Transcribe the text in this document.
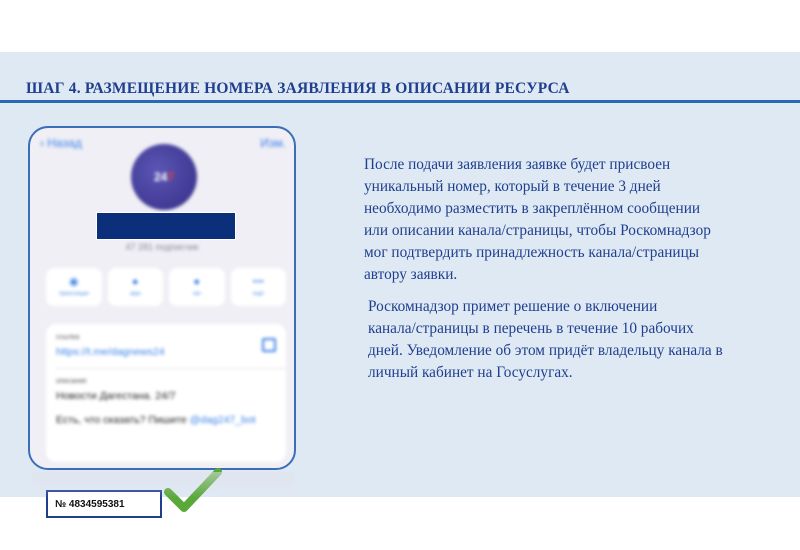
ШАГ 4. РАЗМЕЩЕНИЕ НОМЕРА ЗАЯВЛЕНИЯ В ОПИСАНИИ РЕСУРСА
‹ Назад	Изм.
24 7
47 281 подписчик
◉
трансляция
●
звук
●
чат
•••
ещё
ссылка
https://t.me/dagnews24
описание
Новости Дагестана. 24/7
Есть, что сказать? Пишите @dag247_bot
№ 4834595381
После подачи заявления заявке будет присвоен
уникальный номер, который в течение 3 дней
необходимо разместить в закреплённом сообщении
или описании канала/страницы, чтобы Роскомнадзор
мог подтвердить принадлежность канала/страницы
автору заявки.
Роскомнадзор примет решение о включении
канала/страницы в перечень в течение 10 рабочих
дней. Уведомление об этом придёт владельцу канала в
личный кабинет на Госуслугах.
